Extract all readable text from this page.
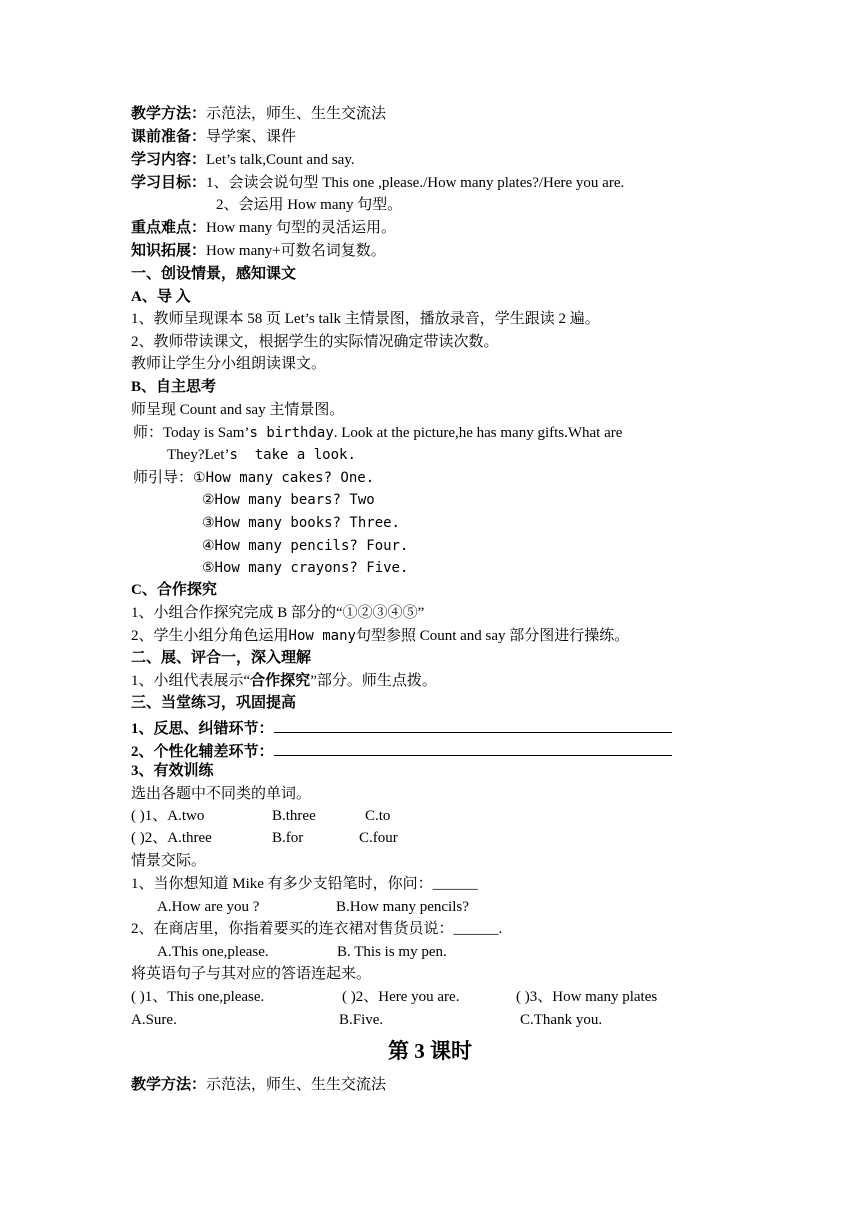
教学方法：示范法，师生、生生交流法
课前准备：导学案、课件
学习内容：Let’s talk,Count and say.
学习目标：1、会读会说句型 This one ,please./How many plates?/Here you are.
2、会运用 How many 句型。
重点难点：How many 句型的灵活运用。
知识拓展：How many+可数名词复数。
一、创设情景，感知课文
A、导 入
1、教师呈现课本 58 页 Let’s talk 主情景图，播放录音，学生跟读 2 遍。
2、教师带读课文，根据学生的实际情况确定带读次数。
教师让学生分小组朗读课文。
B、自主思考
师呈现 Count and say 主情景图。
师：Today is Sam’s birthday. Look at the picture,he has many gifts.What are
They?Let’s  take a look.
师引导：①How many cakes? One.
②How many bears? Two
③How many books? Three.
④How many pencils? Four.
⑤How many crayons? Five.
C、合作探究
1、小组合作探究完成 B 部分的“①②③④⑤”
2、学生小组分角色运用How many句型参照 Count and say 部分图进行操练。
二、展、评合一，深入理解
1、小组代表展示“合作探究”部分。师生点拨。
三、当堂练习，巩固提高
1、反思、纠错环节：
2、个性化辅差环节：
3、有效训练
选出各题中不同类的单词。
( )1、A.two	B.three	C.to
( )2、A.three	B.for	C.four
情景交际。
1、当你想知道 Mike 有多少支铅笔时，你问：______
A.How are you ?	B.How many pencils?
2、在商店里，你指着要买的连衣裙对售货员说：______.
A.This one,please.	B. This is my pen.
将英语句子与其对应的答语连起来。
( )1、This one,please.	( )2、Here you are.	( )3、How many plates
A.Sure.	B.Five.	C.Thank you.
第 3 课时
教学方法：示范法，师生、生生交流法
